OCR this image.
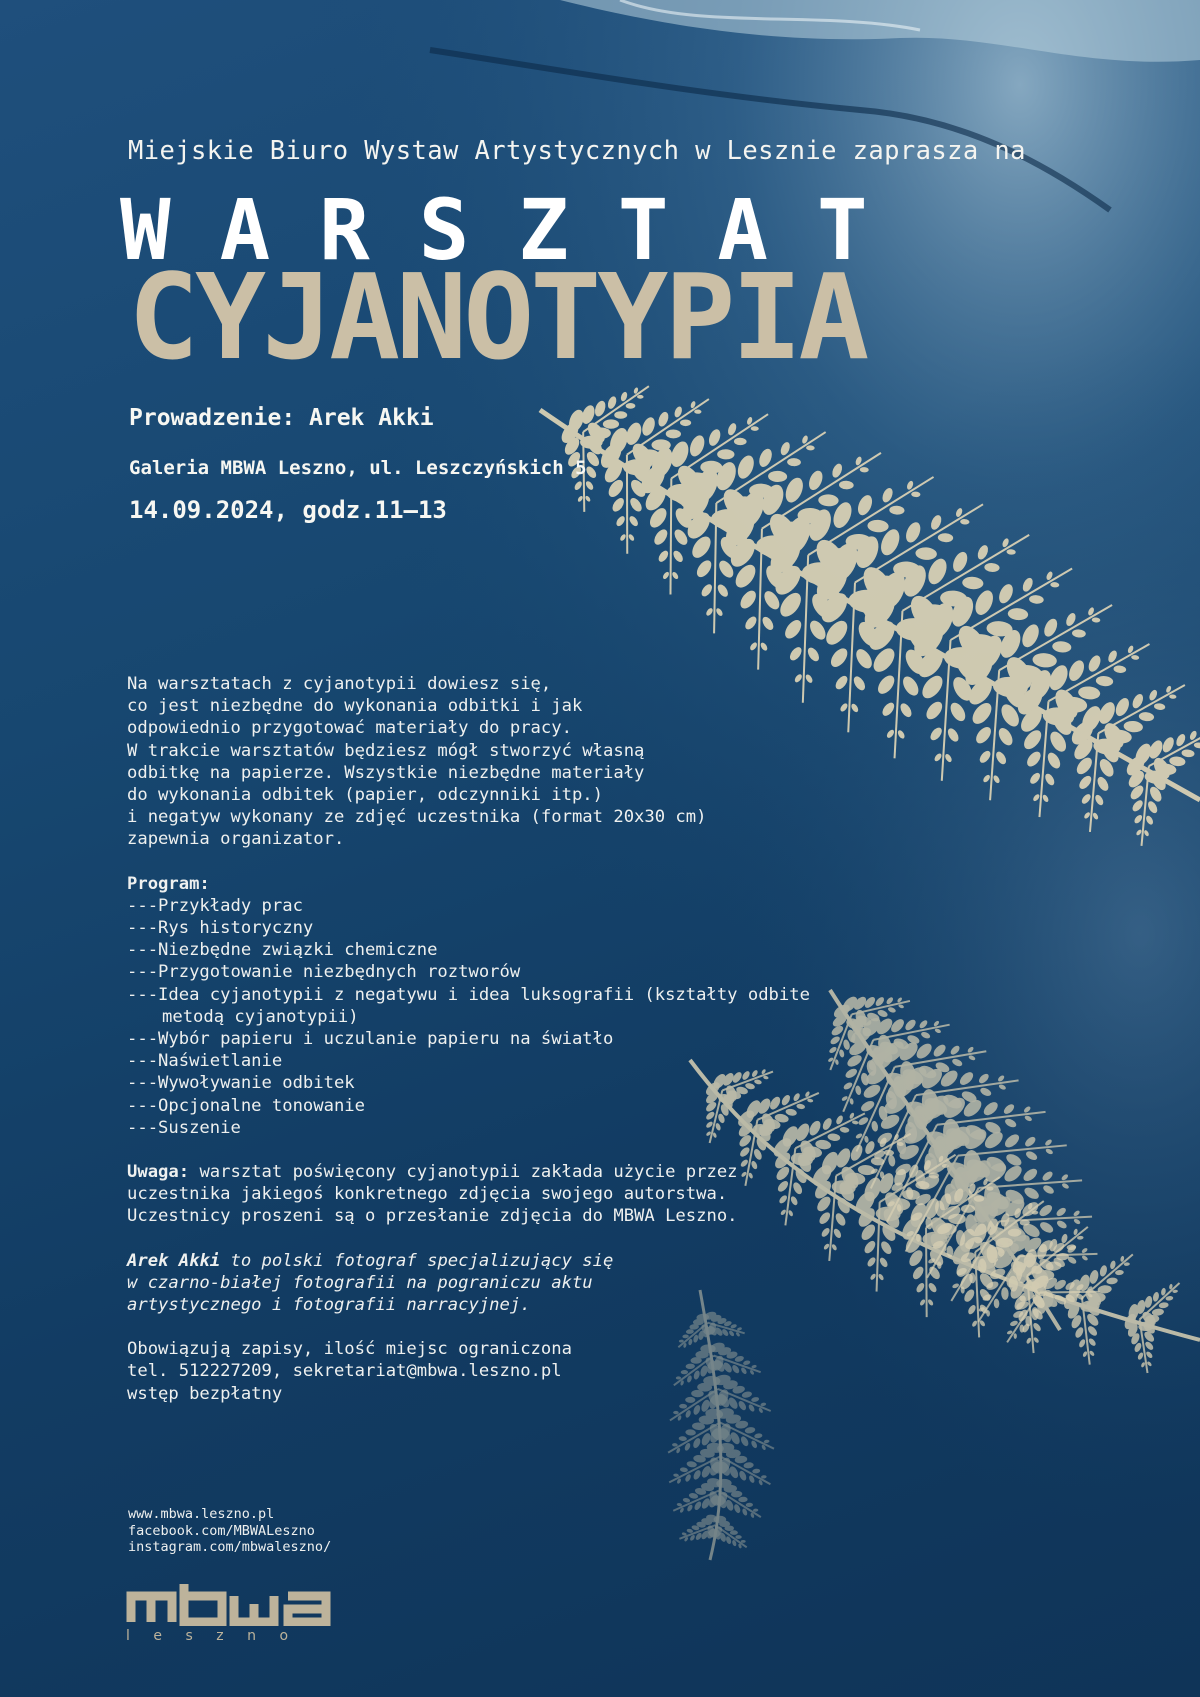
Miejskie Biuro Wystaw Artystycznych w Lesznie zaprasza na
WARSZTAT
CYJANOTYPIA
Prowadzenie: Arek Akki
Galeria MBWA Leszno, ul. Leszczyńskich 5
14.09.2024, godz.11–13

Na warsztatach z cyjanotypii dowiesz się,

co jest niezbędne do wykonania odbitki i jak

odpowiednio przygotować materiały do pracy.

W trakcie warsztatów będziesz mógł stworzyć własną

odbitkę na papierze. Wszystkie niezbędne materiały

do wykonania odbitek (papier, odczynniki itp.)

i negatyw wykonany ze zdjęć uczestnika (format 20x30 cm)

zapewnia organizator.

Program:

---Przykłady prac
---Rys historyczny
---Niezbędne związki chemiczne
---Przygotowanie niezbędnych roztworów
---Idea cyjanotypii z negatywu i idea luksografii (kształty odbite metodą cyjanotypii)
---Wybór papieru i uczulanie papieru na światło
---Naświetlanie
---Wywoływanie odbitek
---Opcjonalne tonowanie
---Suszenie

Uwaga: warsztat poświęcony cyjanotypii zakłada użycie przez

uczestnika jakiegoś konkretnego zdjęcia swojego autorstwa.

Uczestnicy proszeni są o przesłanie zdjęcia do MBWA Leszno.

Arek Akki to polski fotograf specjalizujący się

w czarno-białej fotografii na pograniczu aktu

artystycznego i fotografii narracyjnej.

Obowiązują zapisy, ilość miejsc ograniczona

tel. 512227209, sekretariat@mbwa.leszno.pl

wstęp bezpłatny

www.mbwa.leszno.pl
facebook.com/MBWALeszno
instagram.com/mbwaleszno/
leszno
